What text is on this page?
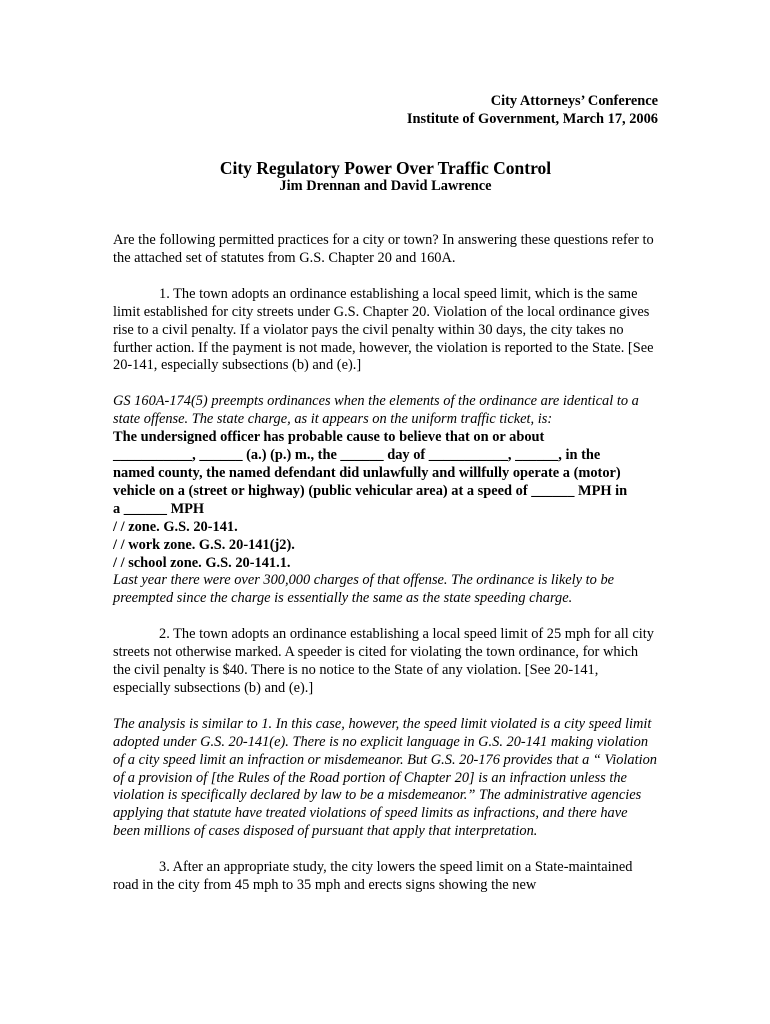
City Attorneys’ Conference
Institute of Government, March 17, 2006
City Regulatory Power Over Traffic Control
Jim Drennan and David Lawrence

Are the following permitted practices for a city or town? In answering these questions refer to the attached set of statutes from G.S. Chapter 20 and 160A.

1. The town adopts an ordinance establishing a local speed limit, which is the same limit established for city streets under G.S. Chapter 20. Violation of the local ordinance gives rise to a civil penalty. If a violator pays the civil penalty within 30 days, the city takes no further action. If the payment is not made, however, the violation is reported to the State. [See 20-141, especially subsections (b) and (e).]

GS 160A-174(5) preempts ordinances when the elements of the ordinance are identical to a state offense. The state charge, as it appears on the uniform traffic ticket, is:

The undersigned officer has probable cause to believe that on or about
___________, ______ (a.) (p.) m., the ______ day of ___________, ______, in the
named county, the named defendant did unlawfully and willfully operate a (motor)
vehicle on a (street or highway) (public vehicular area) at a speed of ______ MPH in
a ______ MPH
/ / zone. G.S. 20-141.
/ / work zone. G.S. 20-141(j2).
/ / school zone. G.S. 20-141.1.

Last year there were over 300,000 charges of that offense. The ordinance is likely to be preempted since the charge is essentially the same as the state speeding charge.

2. The town adopts an ordinance establishing a local speed limit of 25 mph for all city streets not otherwise marked. A speeder is cited for violating the town ordinance, for which the civil penalty is $40. There is no notice to the State of any violation. [See 20-141, especially subsections (b) and (e).]

The analysis is similar to 1. In this case, however, the speed limit violated is a city speed limit adopted under G.S. 20-141(e). There is no explicit language in G.S. 20-141 making violation of a city speed limit an infraction or misdemeanor. But G.S. 20-176 provides that a “ Violation of a provision of [the Rules of the Road portion of Chapter 20] is an infraction unless the violation is specifically declared by law to be a misdemeanor.” The administrative agencies applying that statute have treated violations of speed limits as infractions, and there have been millions of cases disposed of pursuant that apply that interpretation.

3. After an appropriate study, the city lowers the speed limit on a State-maintained road in the city from 45 mph to 35 mph and erects signs showing the new
